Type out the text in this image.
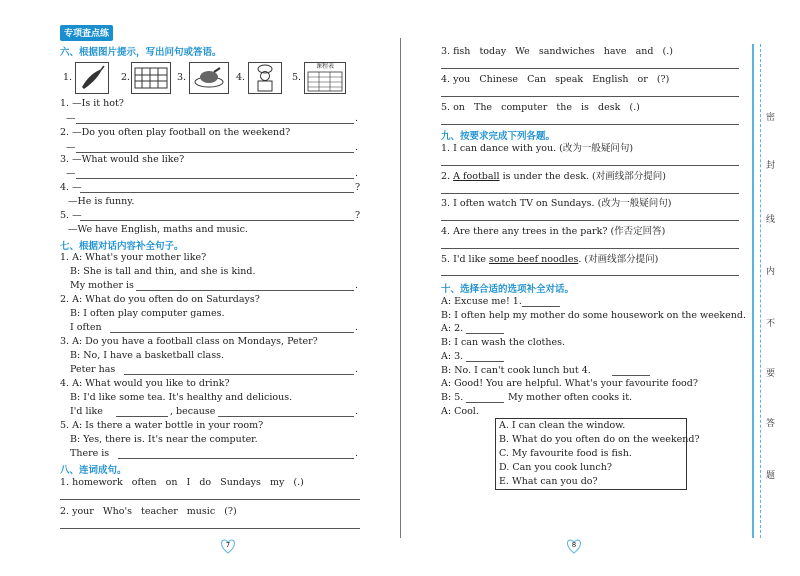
专项查点练
六、根据图片提示，写出问句或答语。
1.	2.	3.	4.	5.
课程表
1. —Is it hot?
—	.
2. —Do you often play football on the weekend?
—	.
3. —What would she like?
—	.
4. —	?
—He is funny.
5. —	?
—We have English, maths and music.
七、根据对话内容补全句子。
1. A: What's your mother like?
B: She is tall and thin, and she is kind.
My mother is	.
2. A: What do you often do on Saturdays?
B: I often play computer games.
I often	.
3. A: Do you have a football class on Mondays, Peter?
B: No, I have a basketball class.
Peter has	.
4. A: What would you like to drink?
B: I'd like some tea. It's healthy and delicious.
I'd like	, because	.
5. A: Is there a water bottle in your room?
B: Yes, there is. It's near the computer.
There is	.
八、连词成句。
1. homework   often   on   I   do   Sundays   my   (.)
2. your   Who's   teacher   music   (?)
7
3. fish   today   We   sandwiches   have   and   (.)
4. you   Chinese   Can   speak   English   or   (?)
5. on   The   computer   the   is   desk   (.)
九、按要求完成下列各题。
1. I can dance with you. (改为一般疑问句)
2. A football is under the desk. (对画线部分提问)
3. I often watch TV on Sundays. (改为一般疑问句)
4. Are there any trees in the park? (作否定回答)
5. I'd like some beef noodles. (对画线部分提问)
十、选择合适的选项补全对话。
A: Excuse me! 1.
B: I often help my mother do some housework on the weekend.
A: 2.
B: I can wash the clothes.
A: 3.
B: No. I can't cook lunch but 4.
A: Good! You are helpful. What's your favourite food?
B: 5.	My mother often cooks it.
A: Cool.
A. I can clean the window.
B. What do you often do on the weekend?
C. My favourite food is fish.
D. Can you cook lunch?
E. What can you do?
8
密
封
线
内
不
要
答
题
